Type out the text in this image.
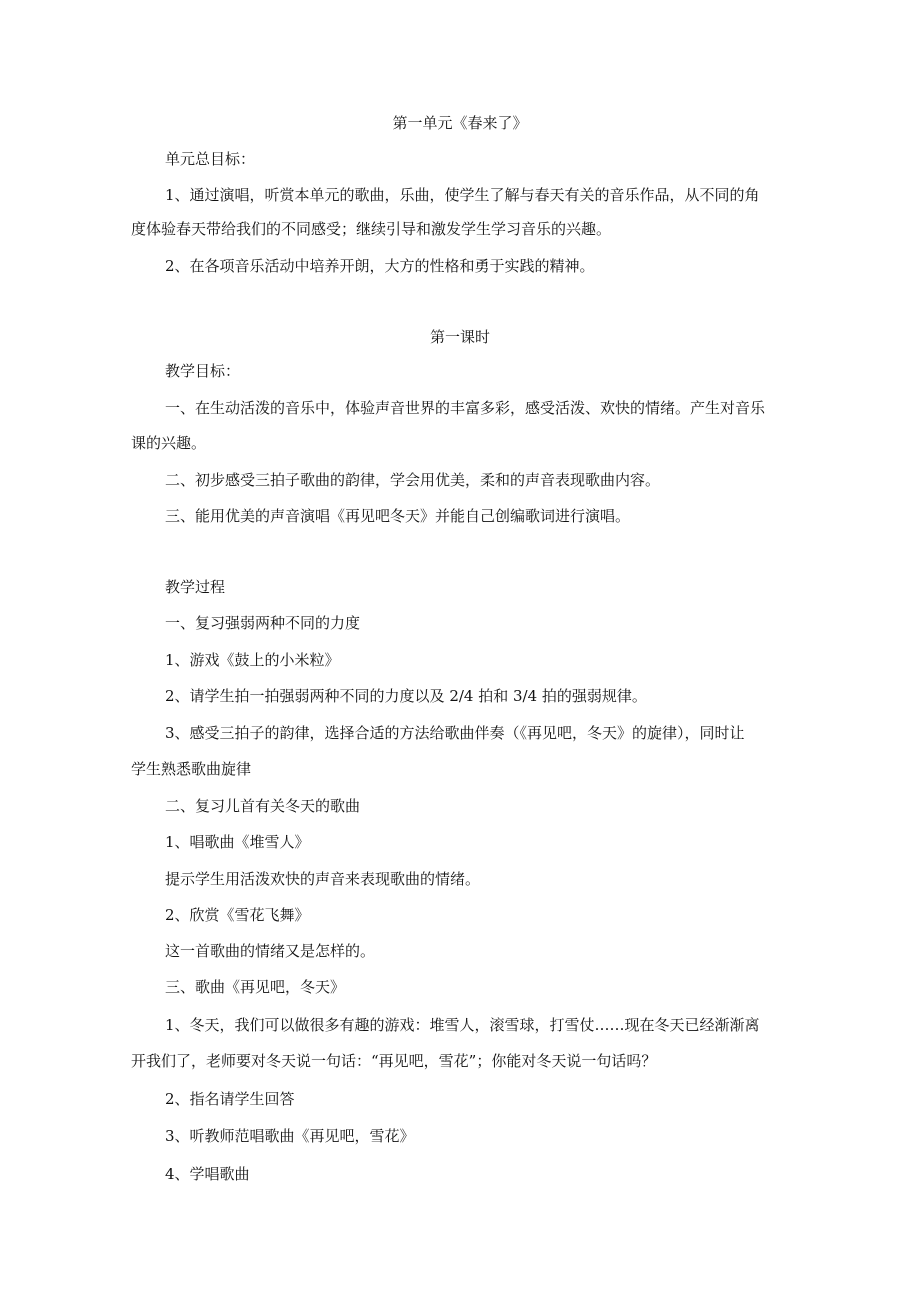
第一单元《春来了》
单元总目标：
1、通过演唱，听赏本单元的歌曲，乐曲，使学生了解与春天有关的音乐作品，从不同的角
度体验春天带给我们的不同感受；继续引导和激发学生学习音乐的兴趣。
2、在各项音乐活动中培养开朗，大方的性格和勇于实践的精神。
第一课时
教学目标：
一、在生动活泼的音乐中，体验声音世界的丰富多彩，感受活泼、欢快的情绪。产生对音乐
课的兴趣。
二、初步感受三拍子歌曲的韵律，学会用优美，柔和的声音表现歌曲内容。
三、能用优美的声音演唱《再见吧冬天》并能自己创编歌词进行演唱。
教学过程
一、复习强弱两种不同的力度
1、游戏《鼓上的小米粒》
2、请学生拍一拍强弱两种不同的力度以及 2/4 拍和 3/4 拍的强弱规律。
3、感受三拍子的韵律，选择合适的方法给歌曲伴奏（《再见吧，冬天》的旋律），同时让
学生熟悉歌曲旋律
二、复习儿首有关冬天的歌曲
1、唱歌曲《堆雪人》
提示学生用活泼欢快的声音来表现歌曲的情绪。
2、欣赏《雪花飞舞》
这一首歌曲的情绪又是怎样的。
三、歌曲《再见吧，冬天》
1、冬天，我们可以做很多有趣的游戏：堆雪人，滚雪球，打雪仗……现在冬天已经渐渐离
开我们了，老师要对冬天说一句话：“再见吧，雪花”；你能对冬天说一句话吗？
2、指名请学生回答
3、听教师范唱歌曲《再见吧，雪花》
4、学唱歌曲
